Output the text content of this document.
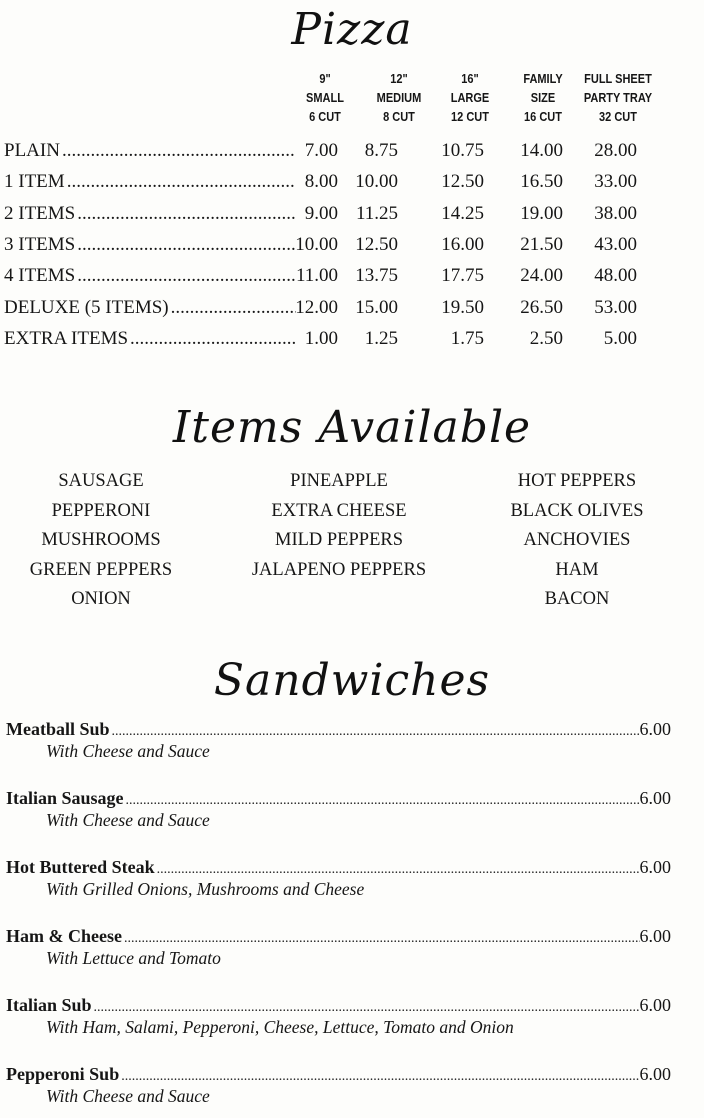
Pizza
9"
SMALL
6 CUT
12"
MEDIUM
8 CUT
16"
LARGE
12 CUT
FAMILY
SIZE
16 CUT
FULL SHEET
PARTY TRAY
32 CUT
PLAIN .....	7.00	8.75	10.75	14.00	28.00
1 ITEM .....	8.00 10.00	12.50	16.50	33.00
2 ITEMS .....	9.00 11.25	14.25	19.00	38.00
3 ITEMS .....	10.00 12.50	16.00	21.50	43.00
4 ITEMS .....	11.00 13.75	17.75	24.00	48.00
DELUXE (5 ITEMS) .....	12.00 15.00	19.50	26.50	53.00
EXTRA ITEMS .....	1.00	1.25	1.75	2.50	5.00
Items Available
SAUSAGE
PEPPERONI
MUSHROOMS
GREEN PEPPERS
ONION
PINEAPPLE
EXTRA CHEESE
MILD PEPPERS
JALAPENO PEPPERS
HOT PEPPERS
BLACK OLIVES
ANCHOVIES
HAM
BACON
Sandwiches
Meatball Sub .....	6.00
With Cheese and Sauce
Italian Sausage .....	6.00
With Cheese and Sauce
Hot Buttered Steak .....	6.00
With Grilled Onions, Mushrooms and Cheese
Ham & Cheese .....	6.00
With Lettuce and Tomato
Italian Sub .....	6.00
With Ham, Salami, Pepperoni, Cheese, Lettuce, Tomato and Onion
Pepperoni Sub .....	6.00
With Cheese and Sauce
